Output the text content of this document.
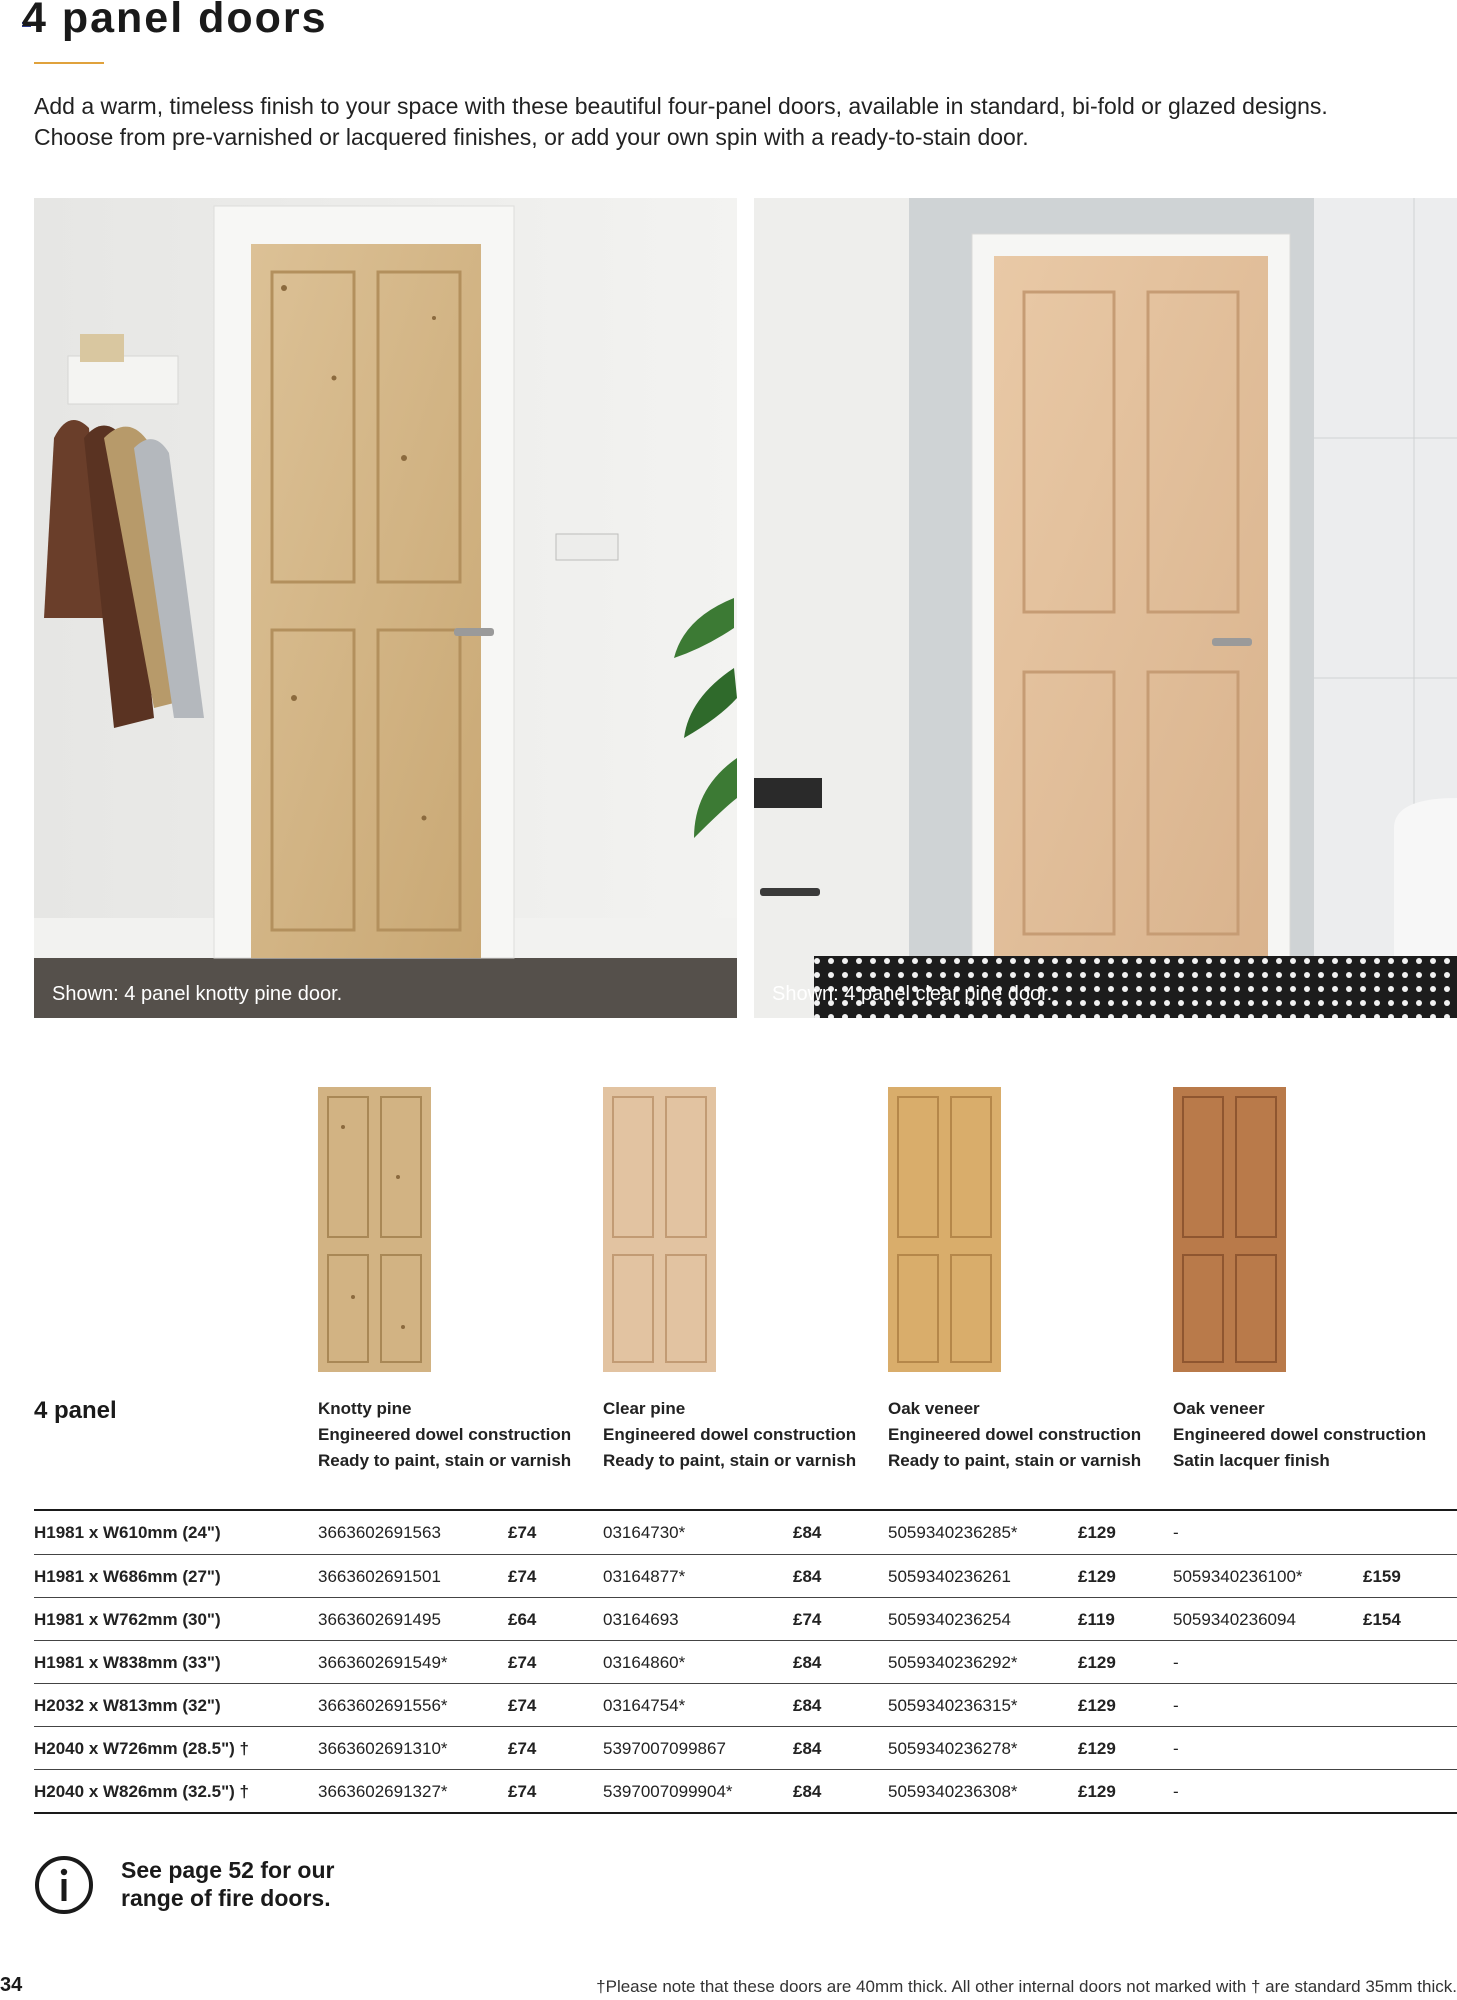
4 panel doors

Add a warm, timeless finish to your space with these beautiful four-panel doors, available in standard, bi-fold or glazed designs. Choose from pre-varnished or lacquered finishes, or add your own spin with a ready-to-stain door.

Shown: 4 panel knotty pine door.	Shown: 4 panel clear pine door.
4 panel	Knotty pine
Engineered dowel construction
Ready to paint, stain or varnish
Clear pine
Engineered dowel construction
Ready to paint, stain or varnish
Oak veneer
Engineered dowel construction
Ready to paint, stain or varnish
Oak veneer
Engineered dowel construction
Satin lacquer finish
H1981 x W610mm (24")	3663602691563	£74	03164730*	£84	5059340236285*	£129	-
H1981 x W686mm (27")	3663602691501	£74	03164877*	£84	5059340236261	£129	5059340236100*	£159
H1981 x W762mm (30")	3663602691495	£64	03164693	£74	5059340236254	£119	5059340236094	£154
H1981 x W838mm (33")	3663602691549*	£74	03164860*	£84	5059340236292*	£129	-
H2032 x W813mm (32")	3663602691556*	£74	03164754*	£84	5059340236315*	£129	-
H2040 x W726mm (28.5") †	3663602691310*	£74	5397007099867	£84	5059340236278*	£129	-
H2040 x W826mm (32.5") †	3663602691327*	£74	5397007099904*	£84	5059340236308*	£129	-
See page 52 for our
range of fire doors.
34	†Please note that these doors are 40mm thick. All other internal doors not marked with † are standard 35mm thick.
